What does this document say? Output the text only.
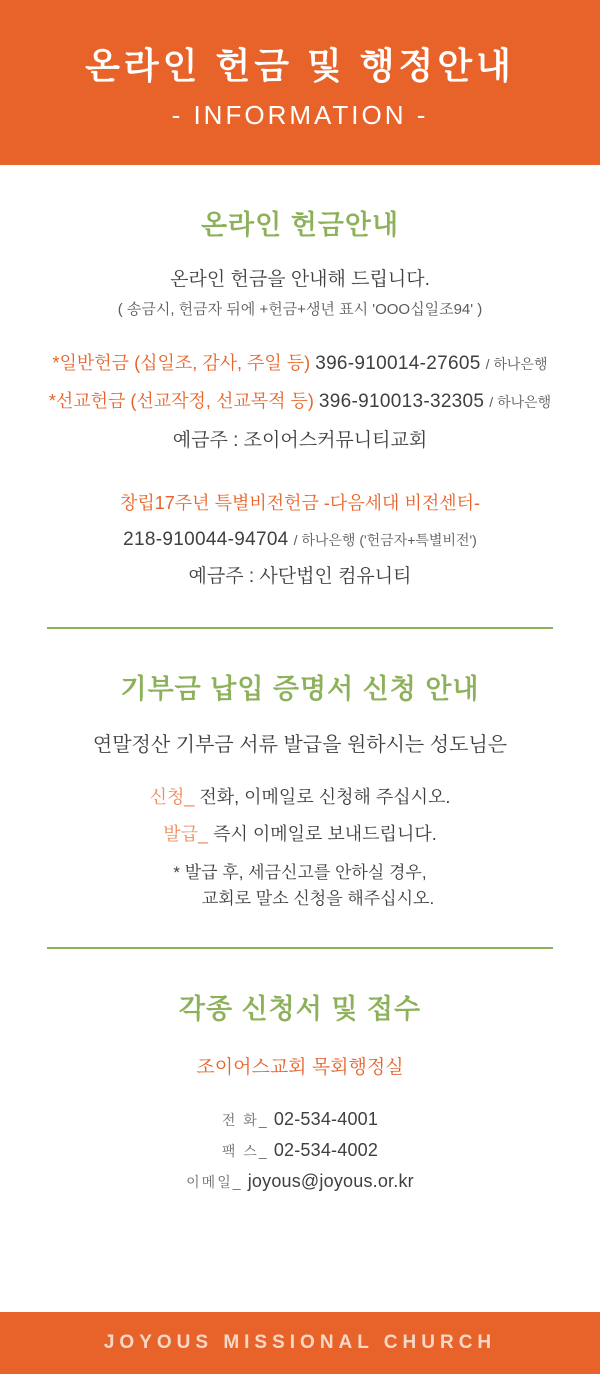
온라인 헌금 및 행정안내
- INFORMATION -
온라인 헌금안내
온라인 헌금을 안내해 드립니다.
( 송금시, 헌금자 뒤에 +헌금+생년 표시 'OOO십일조94' )
*일반헌금 (십일조, 감사, 주일 등) 396-910014-27605 / 하나은행
*선교헌금 (선교작정, 선교목적 등) 396-910013-32305 / 하나은행
예금주 : 조이어스커뮤니티교회
창립17주년 특별비전헌금 -다음세대 비전센터-
218-910044-94704 / 하나은행 ('헌금자+특별비전')
예금주 : 사단법인 컴유니티
기부금 납입 증명서 신청 안내
연말정산 기부금 서류 발급을 원하시는 성도님은
신청_ 전화, 이메일로 신청해 주십시오.
발급_ 즉시 이메일로 보내드립니다.
* 발급 후, 세금신고를 안하실 경우,
교회로 말소 신청을 해주십시오.
각종 신청서 및 접수
조이어스교회 목회행정실
전 화_ 02-534-4001
팩 스_ 02-534-4002
이메일_ joyous@joyous.or.kr
JOYOUS MISSIONAL CHURCH
